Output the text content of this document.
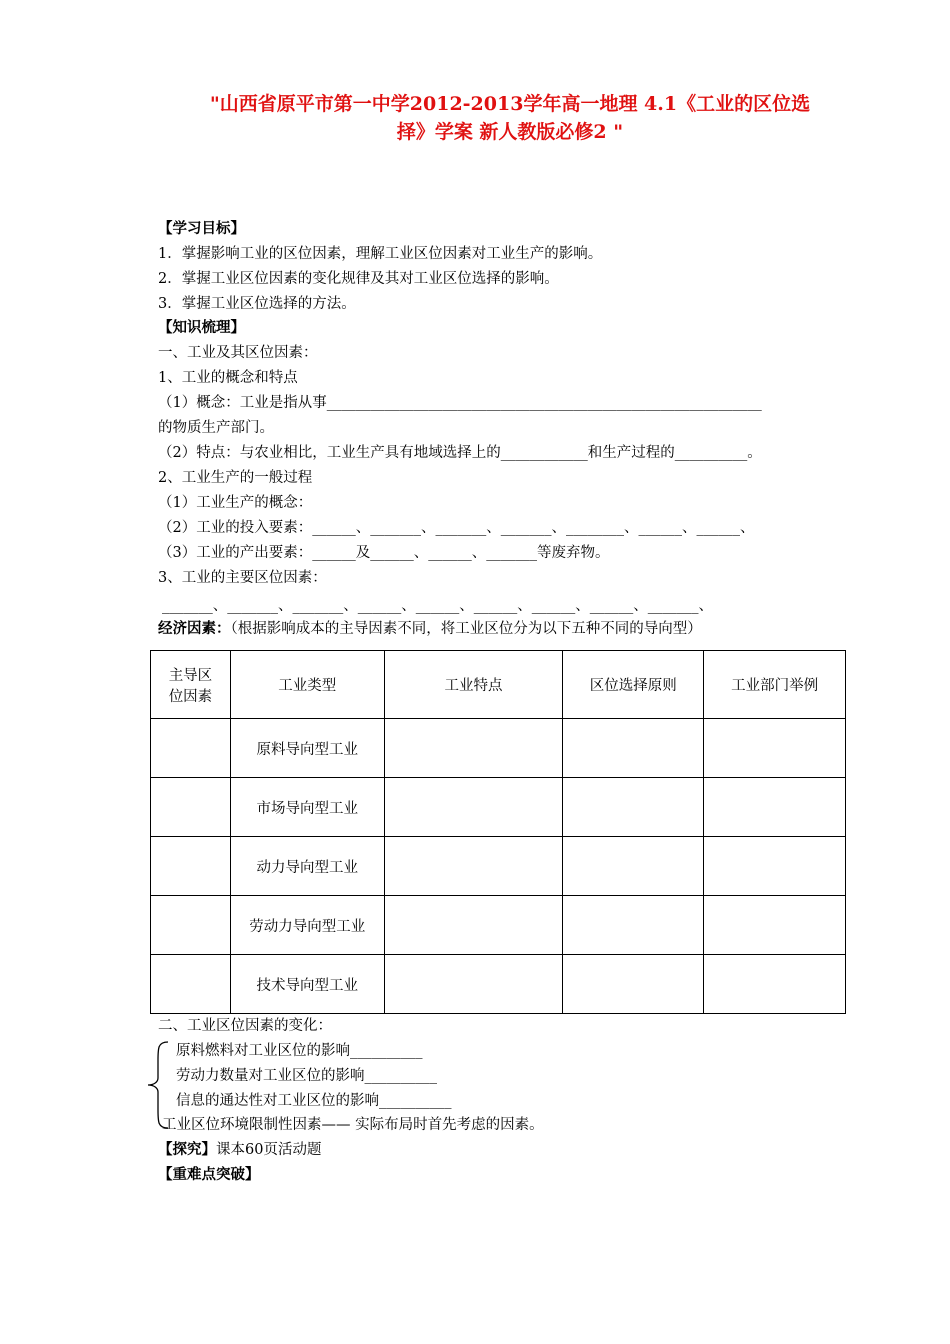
"山西省原平市第一中学2012-2013学年高一地理 4.1《工业的区位选
择》学案 新人教版必修2 "
【学习目标】
1．掌握影响工业的区位因素，理解工业区位因素对工业生产的影响。
2．掌握工业区位因素的变化规律及其对工业区位选择的影响。
3．掌握工业区位选择的方法。
【知识梳理】
一、工业及其区位因素：
1、工业的概念和特点
（1）概念：工业是指从事____________________________________________________________
的物质生产部门。
（2）特点：与农业相比，工业生产具有地域选择上的____________和生产过程的__________。
2、工业生产的一般过程
（1）工业生产的概念：
（2）工业的投入要素：______、_______、_______、_______、________、______、______、
（3）工业的产出要素：______及______、______、_______等废弃物。
3、工业的主要区位因素：
_______、_______、_______、______、______、______、______、______、_______、
经济因素：（根据影响成本的主导因素不同，将工业区位分为以下五种不同的导向型）
主导区
位因素	工业类型	工业特点	区位选择原则	工业部门举例
	原料导向型工业			
	市场导向型工业			
	动力导向型工业			
	劳动力导向型工业			
	技术导向型工业			
二、工业区位因素的变化：
原料燃料对工业区位的影响__________
劳动力数量对工业区位的影响__________
信息的通达性对工业区位的影响__________
工业区位环境限制性因素—— 实际布局时首先考虑的因素。
【探究】课本60页活动题
【重难点突破】
